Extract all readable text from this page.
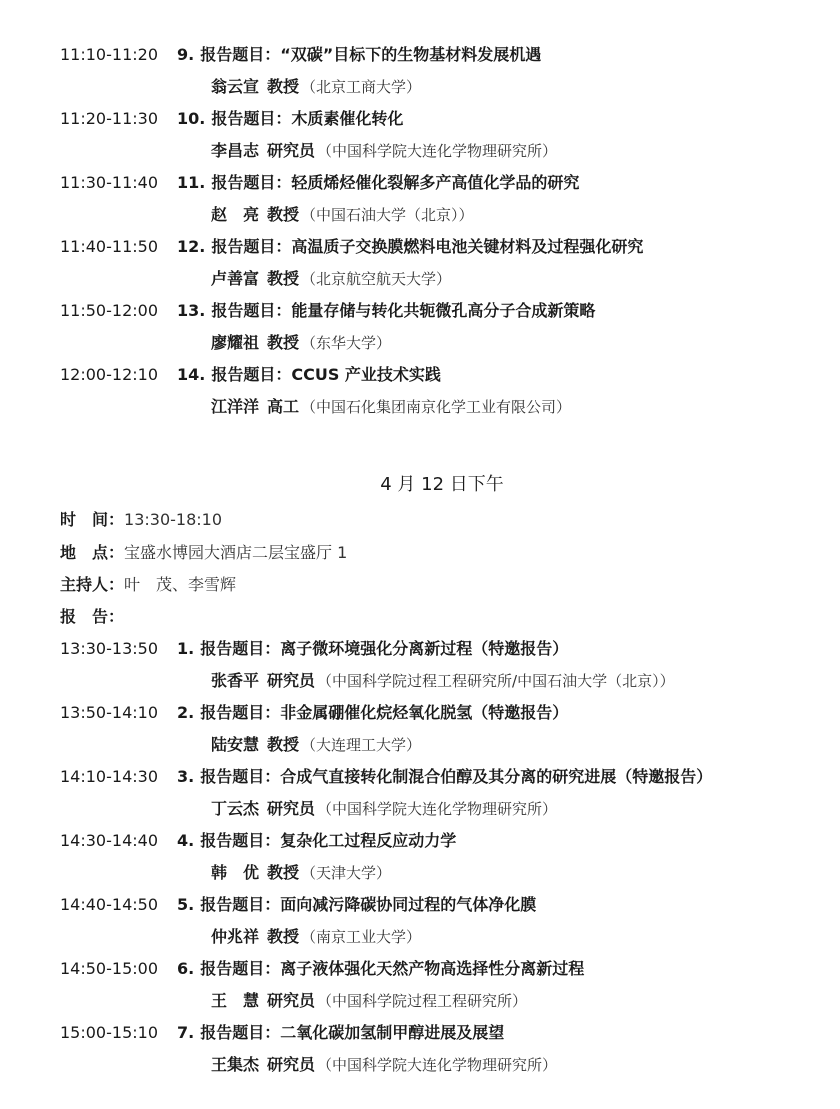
11:10-11:20 9. 报告题目：“双碳”目标下的生物基材料发展机遇
翁云宣 教授 （北京工商大学）
11:20-11:30 10. 报告题目：木质素催化转化
李昌志 研究员 （中国科学院大连化学物理研究所）
11:30-11:40 11. 报告题目：轻质烯烃催化裂解多产高值化学品的研究
赵　亮 教授 （中国石油大学（北京））
11:40-11:50 12. 报告题目：高温质子交换膜燃料电池关键材料及过程强化研究
卢善富 教授 （北京航空航天大学）
11:50-12:00 13. 报告题目：能量存储与转化共轭微孔高分子合成新策略
廖耀祖 教授 （东华大学）
12:00-12:10 14. 报告题目：CCUS 产业技术实践
江洋洋 高工 （中国石化集团南京化学工业有限公司）
4 月 12 日下午
时　间：13:30-18:10
地　点：宝盛水博园大酒店二层宝盛厅 1
主持人：叶　茂、李雪辉
报　告：
13:30-13:50 1. 报告题目：离子微环境强化分离新过程（特邀报告）
张香平 研究员 （中国科学院过程工程研究所/中国石油大学（北京））
13:50-14:10 2. 报告题目：非金属硼催化烷烃氧化脱氢（特邀报告）
陆安慧 教授 （大连理工大学）
14:10-14:30 3. 报告题目：合成气直接转化制混合伯醇及其分离的研究进展（特邀报告）
丁云杰 研究员 （中国科学院大连化学物理研究所）
14:30-14:40 4. 报告题目：复杂化工过程反应动力学
韩　优 教授 （天津大学）
14:40-14:50 5. 报告题目：面向减污降碳协同过程的气体净化膜
仲兆祥 教授 （南京工业大学）
14:50-15:00 6. 报告题目：离子液体强化天然产物高选择性分离新过程
王　慧 研究员 （中国科学院过程工程研究所）
15:00-15:10 7. 报告题目：二氧化碳加氢制甲醇进展及展望
王集杰 研究员 （中国科学院大连化学物理研究所）
